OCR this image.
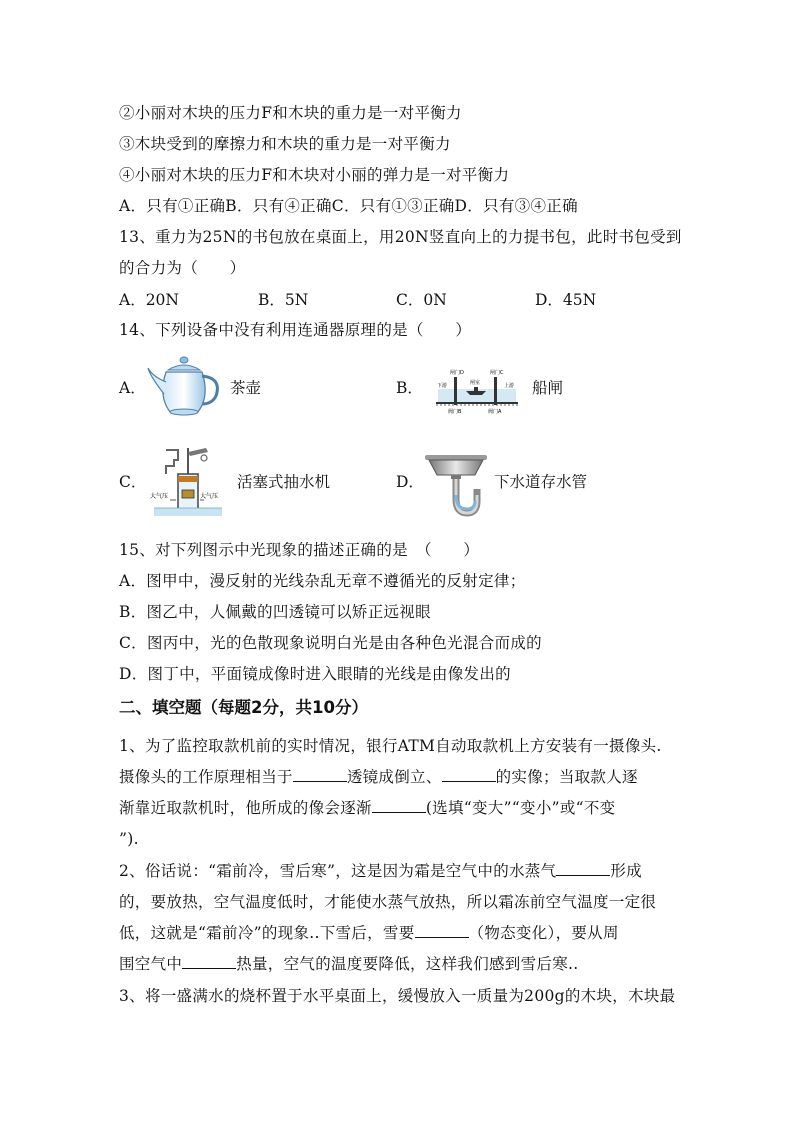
②小丽对木块的压力F和木块的重力是一对平衡力
③木块受到的摩擦力和木块的重力是一对平衡力
④小丽对木块的压力F和木块对小丽的弹力是一对平衡力
A．只有①正确B．只有④正确C．只有①③正确D．只有③④正确
13、重力为25N的书包放在桌面上，用20N竖直向上的力提书包，此时书包受到
的合力为（　　）
A．20N	B．5N	C．0N	D．45N
14、下列设备中没有利用连通器原理的是（　　）
A．	茶壶	B．
闸门D	闸门C
下游	闸室	上游
阀门B	阀门A
船闸
C．
大气压	大气压
活塞式抽水机	D．	下水道存水管
15、对下列图示中光现象的描述正确的是　（　　）
A．图甲中，漫反射的光线杂乱无章不遵循光的反射定律；
B．图乙中，人佩戴的凹透镜可以矫正远视眼
C．图丙中，光的色散现象说明白光是由各种色光混合而成的
D．图丁中，平面镜成像时进入眼睛的光线是由像发出的
二、填空题（每题2分，共10分）
1、为了监控取款机前的实时情况，银行ATM自动取款机上方安装有一摄像头.
摄像头的工作原理相当于	透镜成倒立、	的实像；当取款人逐
渐靠近取款机时，他所成的像会逐渐	(选填“变大”“变小”或“不变
”).
2、俗话说：“霜前冷，雪后寒”，这是因为霜是空气中的水蒸气	形成
的，要放热，空气温度低时，才能使水蒸气放热，所以霜冻前空气温度一定很
低，这就是“霜前冷”的现象..下雪后，雪要	（物态变化），要从周
围空气中	热量，空气的温度要降低，这样我们感到雪后寒..
3、将一盛满水的烧杯置于水平桌面上，缓慢放入一质量为200g的木块，木块最
